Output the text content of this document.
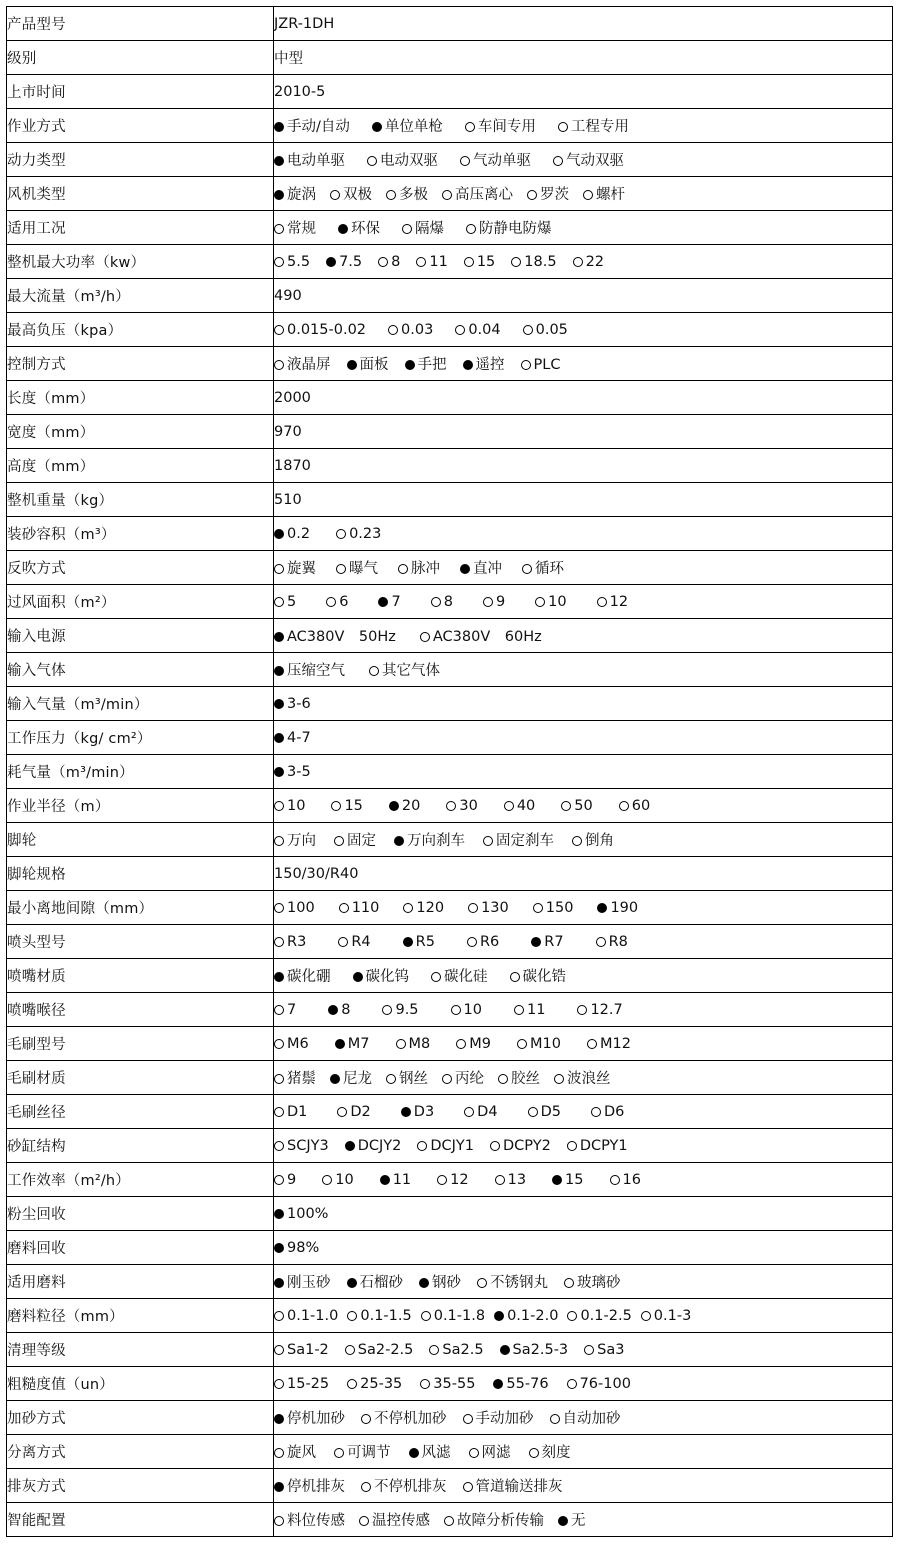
产品型号	JZR-1DH
级别	中型
上市时间	2010-5
作业方式	手动/自动 单位单枪 车间专用 工程专用

动力类型	电动单驱 电动双驱 气动单驱 气动双驱

风机类型	旋涡 双极 多极 高压离心 罗茨 螺杆

适用工况	常规 环保 隔爆 防静电防爆

整机最大功率（kw）	5.5 7.5 8 11 15 18.5 22

最大流量（m³/h）	490
最高负压（kpa）	0.015-0.02 0.03 0.04 0.05

控制方式	液晶屏 面板 手把 遥控 PLC

长度（mm）	2000
宽度（mm）	970
高度（mm）	1870
整机重量（kg）	510
装砂容积（m³）	0.2 0.23

反吹方式	旋翼 曝气 脉冲 直冲 循环

过风面积（m²）	5 6 7 8 9 10 12

输入电源	AC380V　50Hz AC380V　60Hz

输入气体	压缩空气 其它气体

输入气量（m³/min）	3-6

工作压力（kg/ cm²）	4-7

耗气量（m³/min）	3-5

作业半径（m）	10 15 20 30 40 50 60

脚轮	万向 固定 万向刹车 固定刹车 倒角

脚轮规格	150/30/R40
最小离地间隙（mm）	100 110 120 130 150 190

喷头型号	R3 R4 R5 R6 R7 R8

喷嘴材质	碳化硼 碳化钨 碳化硅 碳化锆

喷嘴喉径	7 8 9.5 10 11 12.7

毛刷型号	M6 M7 M8 M9 M10 M12

毛刷材质	猪鬃 尼龙 钢丝 丙纶 胶丝 波浪丝

毛刷丝径	D1 D2 D3 D4 D5 D6

砂缸结构	SCJY3 DCJY2 DCJY1 DCPY2 DCPY1

工作效率（m²/h）	9 10 11 12 13 15 16

粉尘回收	100%

磨料回收	98%

适用磨料	刚玉砂 石榴砂 钢砂 不锈钢丸 玻璃砂

磨料粒径（mm）	0.1-1.0 0.1-1.5 0.1-1.8 0.1-2.0 0.1-2.5 0.1-3

清理等级	Sa1-2 Sa2-2.5 Sa2.5 Sa2.5-3 Sa3

粗糙度值（un）	15-25 25-35 35-55 55-76 76-100

加砂方式	停机加砂 不停机加砂 手动加砂 自动加砂

分离方式	旋风 可调节 风滤 网滤 刻度

排灰方式	停机排灰 不停机排灰 管道输送排灰

智能配置	料位传感 温控传感 故障分析传输 无
